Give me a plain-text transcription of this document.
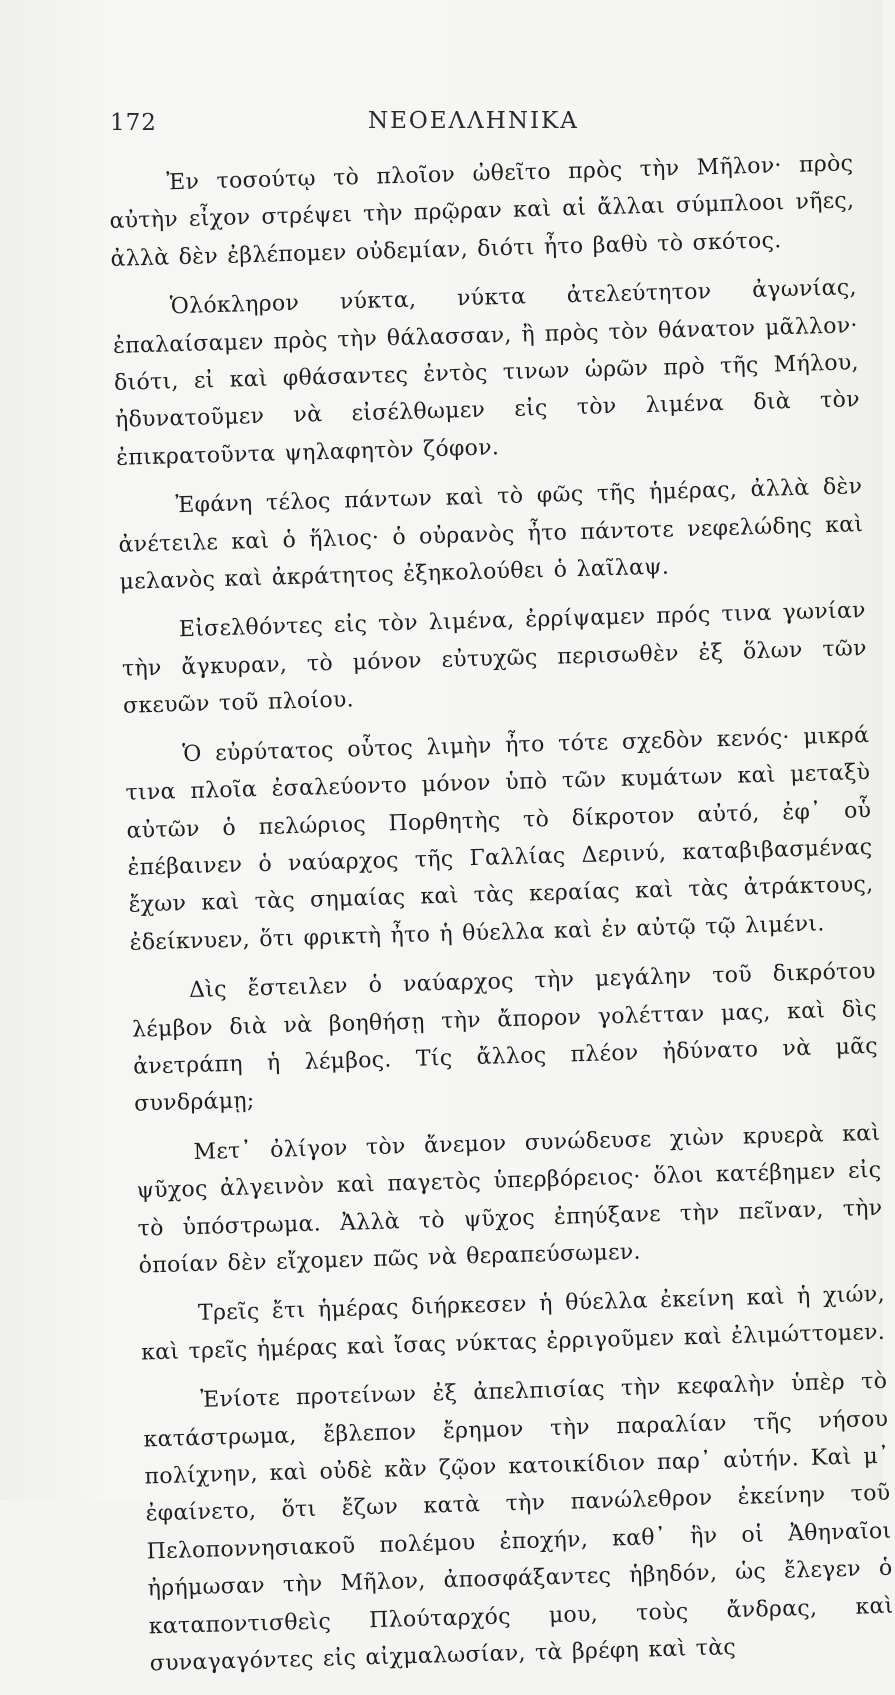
172	ΝΕΟΕΛΛΗΝΙΚΑ

Ἐν τοσούτῳ τὸ πλοῖον ὠθεῖτο πρὸς τὴν Μῆλον· πρὸς αὐτὴν εἶχον στρέψει τὴν πρῷραν καὶ αἱ ἄλλαι σύμπλοοι νῆες, ἀλλὰ δὲν ἐβλέπομεν οὐδεμίαν, διότι ἦτο βαθὺ τὸ σκότος.

Ὁλόκληρον νύκτα, νύκτα ἀτελεύτητον ἀγωνίας, ἐπαλαίσαμεν πρὸς τὴν θάλασσαν, ἢ πρὸς τὸν θάνατον μᾶλλον· διότι, εἰ καὶ φθάσαντες ἐντὸς τινων ὡρῶν πρὸ τῆς Μήλου, ἠδυνατοῦμεν νὰ εἰσέλθωμεν εἰς τὸν λιμένα διὰ τὸν ἐπικρατοῦντα ψηλαφητὸν ζόφον.

Ἐφάνη τέλος πάντων καὶ τὸ φῶς τῆς ἡμέρας, ἀλλὰ δὲν ἀνέτειλε καὶ ὁ ἥλιος· ὁ οὐρανὸς ἦτο πάντοτε νεφελώδης καὶ μελανὸς καὶ ἀκράτητος ἐξηκολούθει ὁ λαῖλαψ.

Εἰσελθόντες εἰς τὸν λιμένα, ἐρρίψαμεν πρός τινα γωνίαν τὴν ἄγκυραν, τὸ μόνον εὐτυχῶς περισωθὲν ἐξ ὅλων τῶν σκευῶν τοῦ πλοίου.

Ὁ εὐρύτατος οὗτος λιμὴν ἦτο τότε σχεδὸν κενός· μικρά τινα πλοῖα ἐσαλεύοντο μόνον ὑπὸ τῶν κυμάτων καὶ μεταξὺ αὐτῶν ὁ πελώριος Πορθητὴς τὸ δίκροτον αὐτό, ἐφ᾽ οὗ ἐπέβαινεν ὁ ναύαρχος τῆς Γαλλίας Δερινύ, καταβιβασμένας ἔχων καὶ τὰς σημαίας καὶ τὰς κεραίας καὶ τὰς ἀτράκτους, ἐδείκνυεν, ὅτι φρικτὴ ἦτο ἡ θύελλα καὶ ἐν αὐτῷ τῷ λιμένι.

Δὶς ἔστειλεν ὁ ναύαρχος τὴν μεγάλην τοῦ δικρότου λέμβον διὰ νὰ βοηθήσῃ τὴν ἄπορον γολέτταν μας, καὶ δὶς ἀνετράπη ἡ λέμβος. Τίς ἄλλος πλέον ἠδύνατο νὰ μᾶς συνδράμῃ;

Μετ᾽ ὀλίγον τὸν ἄνεμον συνώδευσε χιὼν κρυερὰ καὶ ψῦχος ἀλγεινὸν καὶ παγετὸς ὑπερβόρειος· ὅλοι κατέβημεν εἰς τὸ ὑπόστρωμα. Ἀλλὰ τὸ ψῦχος ἐπηύξανε τὴν πεῖναν, τὴν ὁποίαν δὲν εἴχομεν πῶς νὰ θεραπεύσωμεν.

Τρεῖς ἔτι ἡμέρας διήρκεσεν ἡ θύελλα ἐκείνη καὶ ἡ χιών, καὶ τρεῖς ἡμέρας καὶ ἴσας νύκτας ἐρριγοῦμεν καὶ ἐλιμώττομεν.

Ἐνίοτε προτείνων ἐξ ἀπελπισίας τὴν κεφαλὴν ὑπὲρ τὸ κατάστρωμα, ἔβλεπον ἔρημον τὴν παραλίαν τῆς νήσου πολίχνην, καὶ οὐδὲ κἂν ζῷον κατοικίδιον παρ᾽ αὐτήν. Καὶ μ᾽ ἐφαίνετο, ὅτι ἔζων κατὰ τὴν πανώλεθρον ἐκείνην τοῦ Πελοποννησιακοῦ πολέμου ἐποχήν, καθ᾽ ἣν οἱ Ἀθηναῖοι ἠρήμωσαν τὴν Μῆλον, ἀποσφάξαντες ἡβηδόν, ὡς ἔλεγεν ὁ καταποντισθεὶς Πλούταρχός μου, τοὺς ἄνδρας, καὶ συναγαγόντες εἰς αἰχμαλωσίαν, τὰ βρέφη καὶ τὰς
